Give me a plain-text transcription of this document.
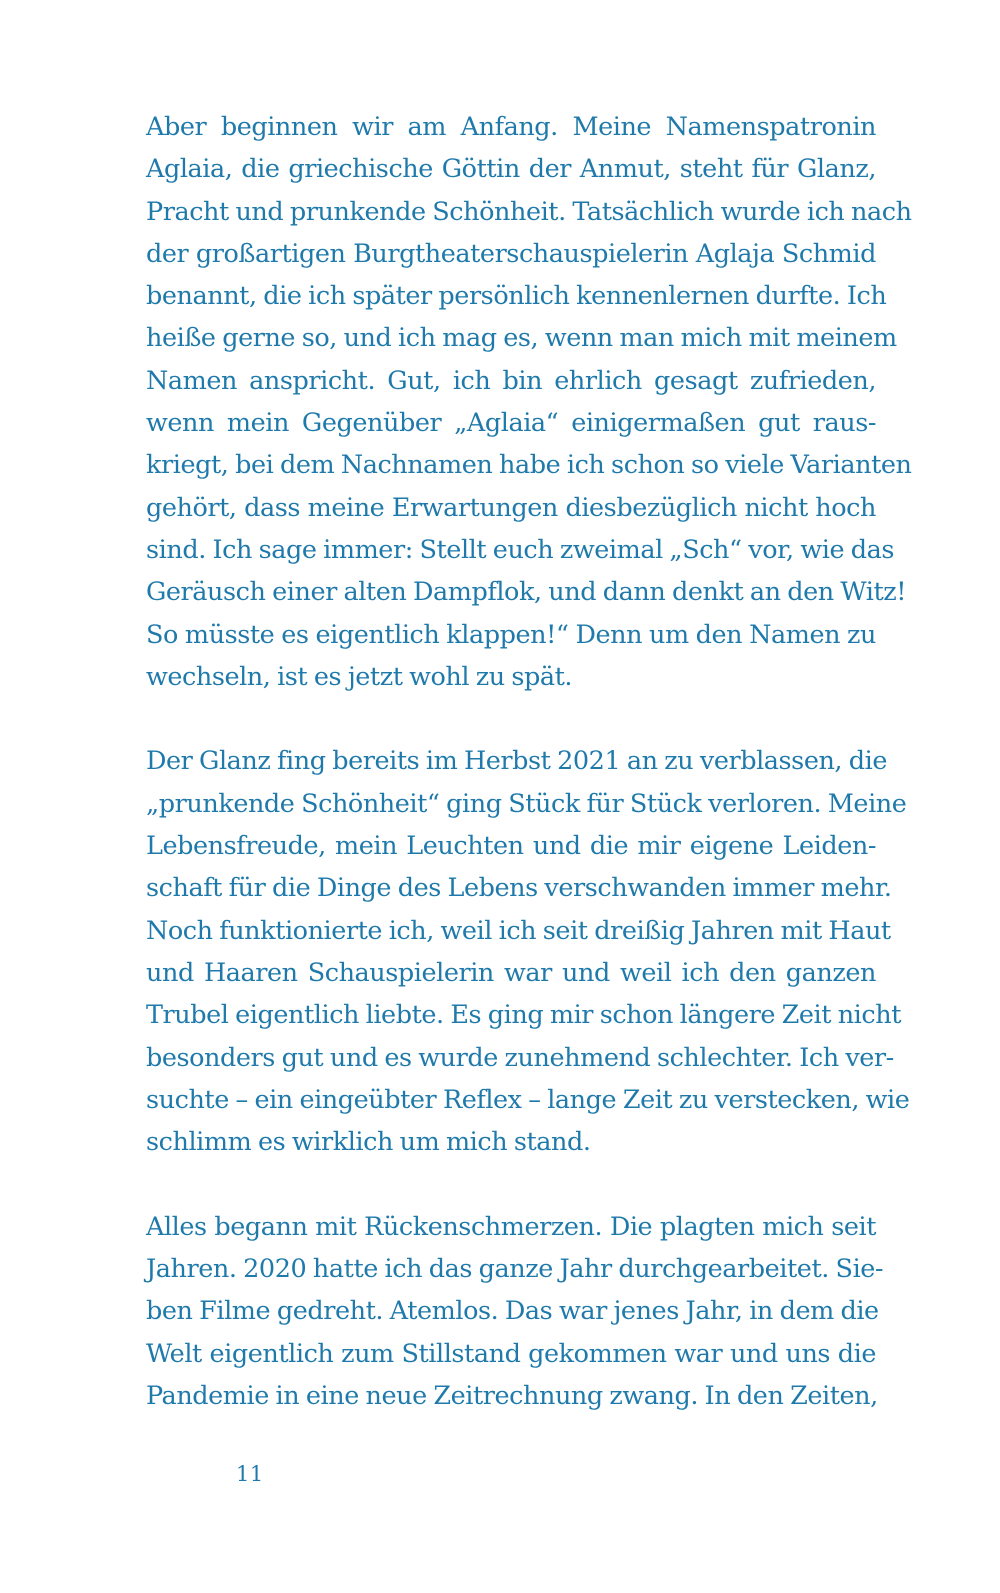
Aber beginnen wir am Anfang. Meine Namenspatronin
Aglaia, die griechische Göttin der Anmut, steht für Glanz,
Pracht und prunkende Schönheit. Tatsächlich wurde ich nach
der großartigen Burgtheaterschauspielerin Aglaja Schmid
benannt, die ich später persönlich kennenlernen durfte. Ich
heiße gerne so, und ich mag es, wenn man mich mit meinem
Namen anspricht. Gut, ich bin ehrlich gesagt zufrieden,
wenn mein Gegenüber „Aglaia“ einigermaßen gut raus-
kriegt, bei dem Nachnamen habe ich schon so viele Varianten
gehört, dass meine Erwartungen diesbezüglich nicht hoch
sind. Ich sage immer: Stellt euch zweimal „Sch“ vor, wie das
Geräusch einer alten Dampflok, und dann denkt an den Witz!
So müsste es eigentlich klappen!“ Denn um den Namen zu
wechseln, ist es jetzt wohl zu spät.
Der Glanz fing bereits im Herbst 2021 an zu verblassen, die
„prunkende Schönheit“ ging Stück für Stück verloren. Meine
Lebensfreude, mein Leuchten und die mir eigene Leiden-
schaft für die Dinge des Lebens verschwanden immer mehr.
Noch funktionierte ich, weil ich seit dreißig Jahren mit Haut
und Haaren Schauspielerin war und weil ich den ganzen
Trubel eigentlich liebte. Es ging mir schon längere Zeit nicht
besonders gut und es wurde zunehmend schlechter. Ich ver-
suchte – ein eingeübter Reflex – lange Zeit zu verstecken, wie
schlimm es wirklich um mich stand.
Alles begann mit Rückenschmerzen. Die plagten mich seit
Jahren. 2020 hatte ich das ganze Jahr durchgearbeitet. Sie-
ben Filme gedreht. Atemlos. Das war jenes Jahr, in dem die
Welt eigentlich zum Stillstand gekommen war und uns die
Pandemie in eine neue Zeitrechnung zwang. In den Zeiten,
11
